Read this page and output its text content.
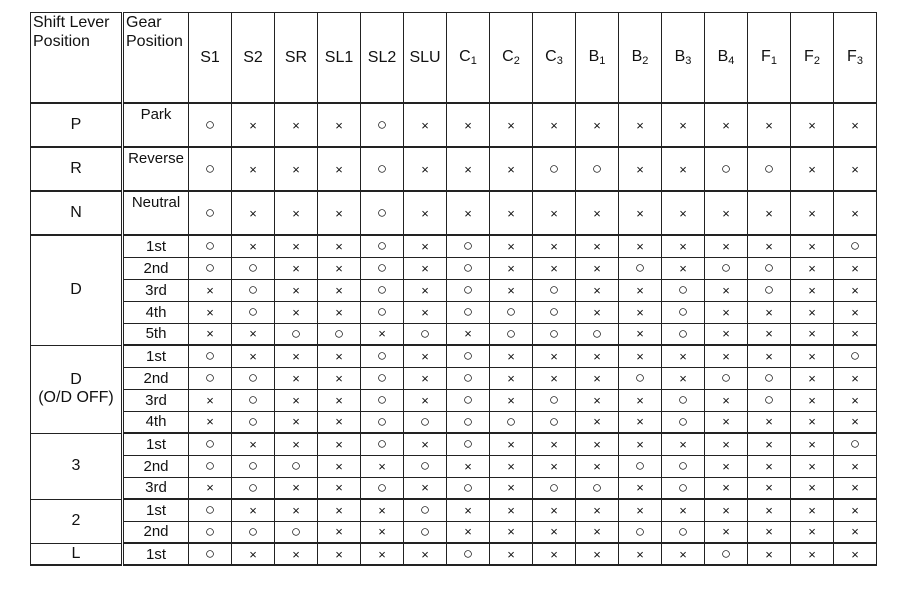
Shift Lever Position	Gear Position	S1	S2	SR	SL1	SL2	SLU	$C_1$	$C_2$	$C_3$	$B_1$	$B_2$	$B_3$	$B_4$	$F_1$	$F_2$	$F_3$
P	Park	○	×	×	×	○	×	×	×	×	×	×	×	×	×	×	×
R	Reverse	○	×	×	×	○	×	×	×	○	○	×	×	○	○	×	×
N	Neutral	○	×	×	×	○	×	×	×	×	×	×	×	×	×	×	×
D	1st	○	×	×	×	○	×	○	×	×	×	×	×	×	×	×	○
	2nd	○	○	×	×	○	×	○	×	×	×	○	×	○	○	×	×
	3rd	×	○	×	×	○	×	○	×	○	×	×	○	×	○	×	×
	4th	×	○	×	×	○	×	○	○	○	×	×	○	×	×	×	×
	5th	×	×	○	○	×	○	×	○	○	○	×	○	×	×	×	×
D
(O/D OFF)	1st	○	×	×	×	○	×	○	×	×	×	×	×	×	×	×	○
	2nd	○	○	×	×	○	×	○	×	×	×	○	×	○	○	×	×
	3rd	×	○	×	×	○	×	○	×	○	×	×	○	×	○	×	×
	4th	×	○	×	×	○	○	○	○	○	×	×	○	×	×	×	×
3	1st	○	×	×	×	○	×	○	×	×	×	×	×	×	×	×	○
	2nd	○	○	○	×	×	○	×	×	×	×	○	○	×	×	×	×
	3rd	×	○	×	×	○	×	○	×	○	○	×	○	×	×	×	×
2	1st	○	×	×	×	×	○	×	×	×	×	×	×	×	×	×	×
	2nd	○	○	○	×	×	○	×	×	×	×	○	○	×	×	×	×
L	1st	○	×	×	×	×	×	○	×	×	×	×	×	○	×	×	×
